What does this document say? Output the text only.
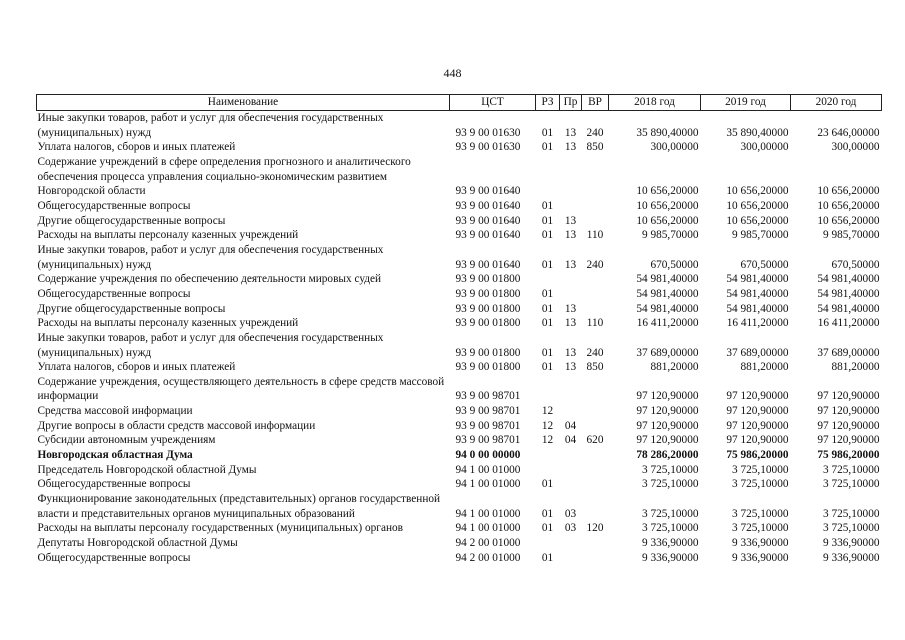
448
Наименование	ЦСТ	РЗ	Пр	ВР	2018 год	2019 год	2020 год
Иные закупки товаров, работ и услуг для обеспечения государственных (муниципальных) нужд	93 9 00 01630	01	13	240	35 890,40000	35 890,40000	23 646,00000
Уплата налогов, сборов и иных платежей	93 9 00 01630	01	13	850	300,00000	300,00000	300,00000
Содержание учреждений в сфере определения прогнозного и аналитического обеспечения процесса управления социально-экономическим развитием Новгородской области	93 9 00 01640				10 656,20000	10 656,20000	10 656,20000
Общегосударственные вопросы	93 9 00 01640	01			10 656,20000	10 656,20000	10 656,20000
Другие общегосударственные вопросы	93 9 00 01640	01	13		10 656,20000	10 656,20000	10 656,20000
Расходы на выплаты персоналу казенных учреждений	93 9 00 01640	01	13	110	9 985,70000	9 985,70000	9 985,70000
Иные закупки товаров, работ и услуг для обеспечения государственных (муниципальных) нужд	93 9 00 01640	01	13	240	670,50000	670,50000	670,50000
Содержание учреждения по обеспечению деятельности мировых судей	93 9 00 01800				54 981,40000	54 981,40000	54 981,40000
Общегосударственные вопросы	93 9 00 01800	01			54 981,40000	54 981,40000	54 981,40000
Другие общегосударственные вопросы	93 9 00 01800	01	13		54 981,40000	54 981,40000	54 981,40000
Расходы на выплаты персоналу казенных учреждений	93 9 00 01800	01	13	110	16 411,20000	16 411,20000	16 411,20000
Иные закупки товаров, работ и услуг для обеспечения государственных (муниципальных) нужд	93 9 00 01800	01	13	240	37 689,00000	37 689,00000	37 689,00000
Уплата налогов, сборов и иных платежей	93 9 00 01800	01	13	850	881,20000	881,20000	881,20000
Содержание учреждения, осуществляющего деятельность в сфере средств массовой информации	93 9 00 98701				97 120,90000	97 120,90000	97 120,90000
Средства массовой информации	93 9 00 98701	12			97 120,90000	97 120,90000	97 120,90000
Другие вопросы в области средств массовой информации	93 9 00 98701	12	04		97 120,90000	97 120,90000	97 120,90000
Субсидии автономным учреждениям	93 9 00 98701	12	04	620	97 120,90000	97 120,90000	97 120,90000
Новгородская областная Дума	94 0 00 00000				78 286,20000	75 986,20000	75 986,20000
Председатель Новгородской областной Думы	94 1 00 01000				3 725,10000	3 725,10000	3 725,10000
Общегосударственные вопросы	94 1 00 01000	01			3 725,10000	3 725,10000	3 725,10000
Функционирование законодательных (представительных) органов государственной власти и представительных органов муниципальных образований	94 1 00 01000	01	03		3 725,10000	3 725,10000	3 725,10000
Расходы на выплаты персоналу государственных (муниципальных) органов	94 1 00 01000	01	03	120	3 725,10000	3 725,10000	3 725,10000
Депутаты Новгородской областной Думы	94 2 00 01000				9 336,90000	9 336,90000	9 336,90000
Общегосударственные вопросы	94 2 00 01000	01			9 336,90000	9 336,90000	9 336,90000
